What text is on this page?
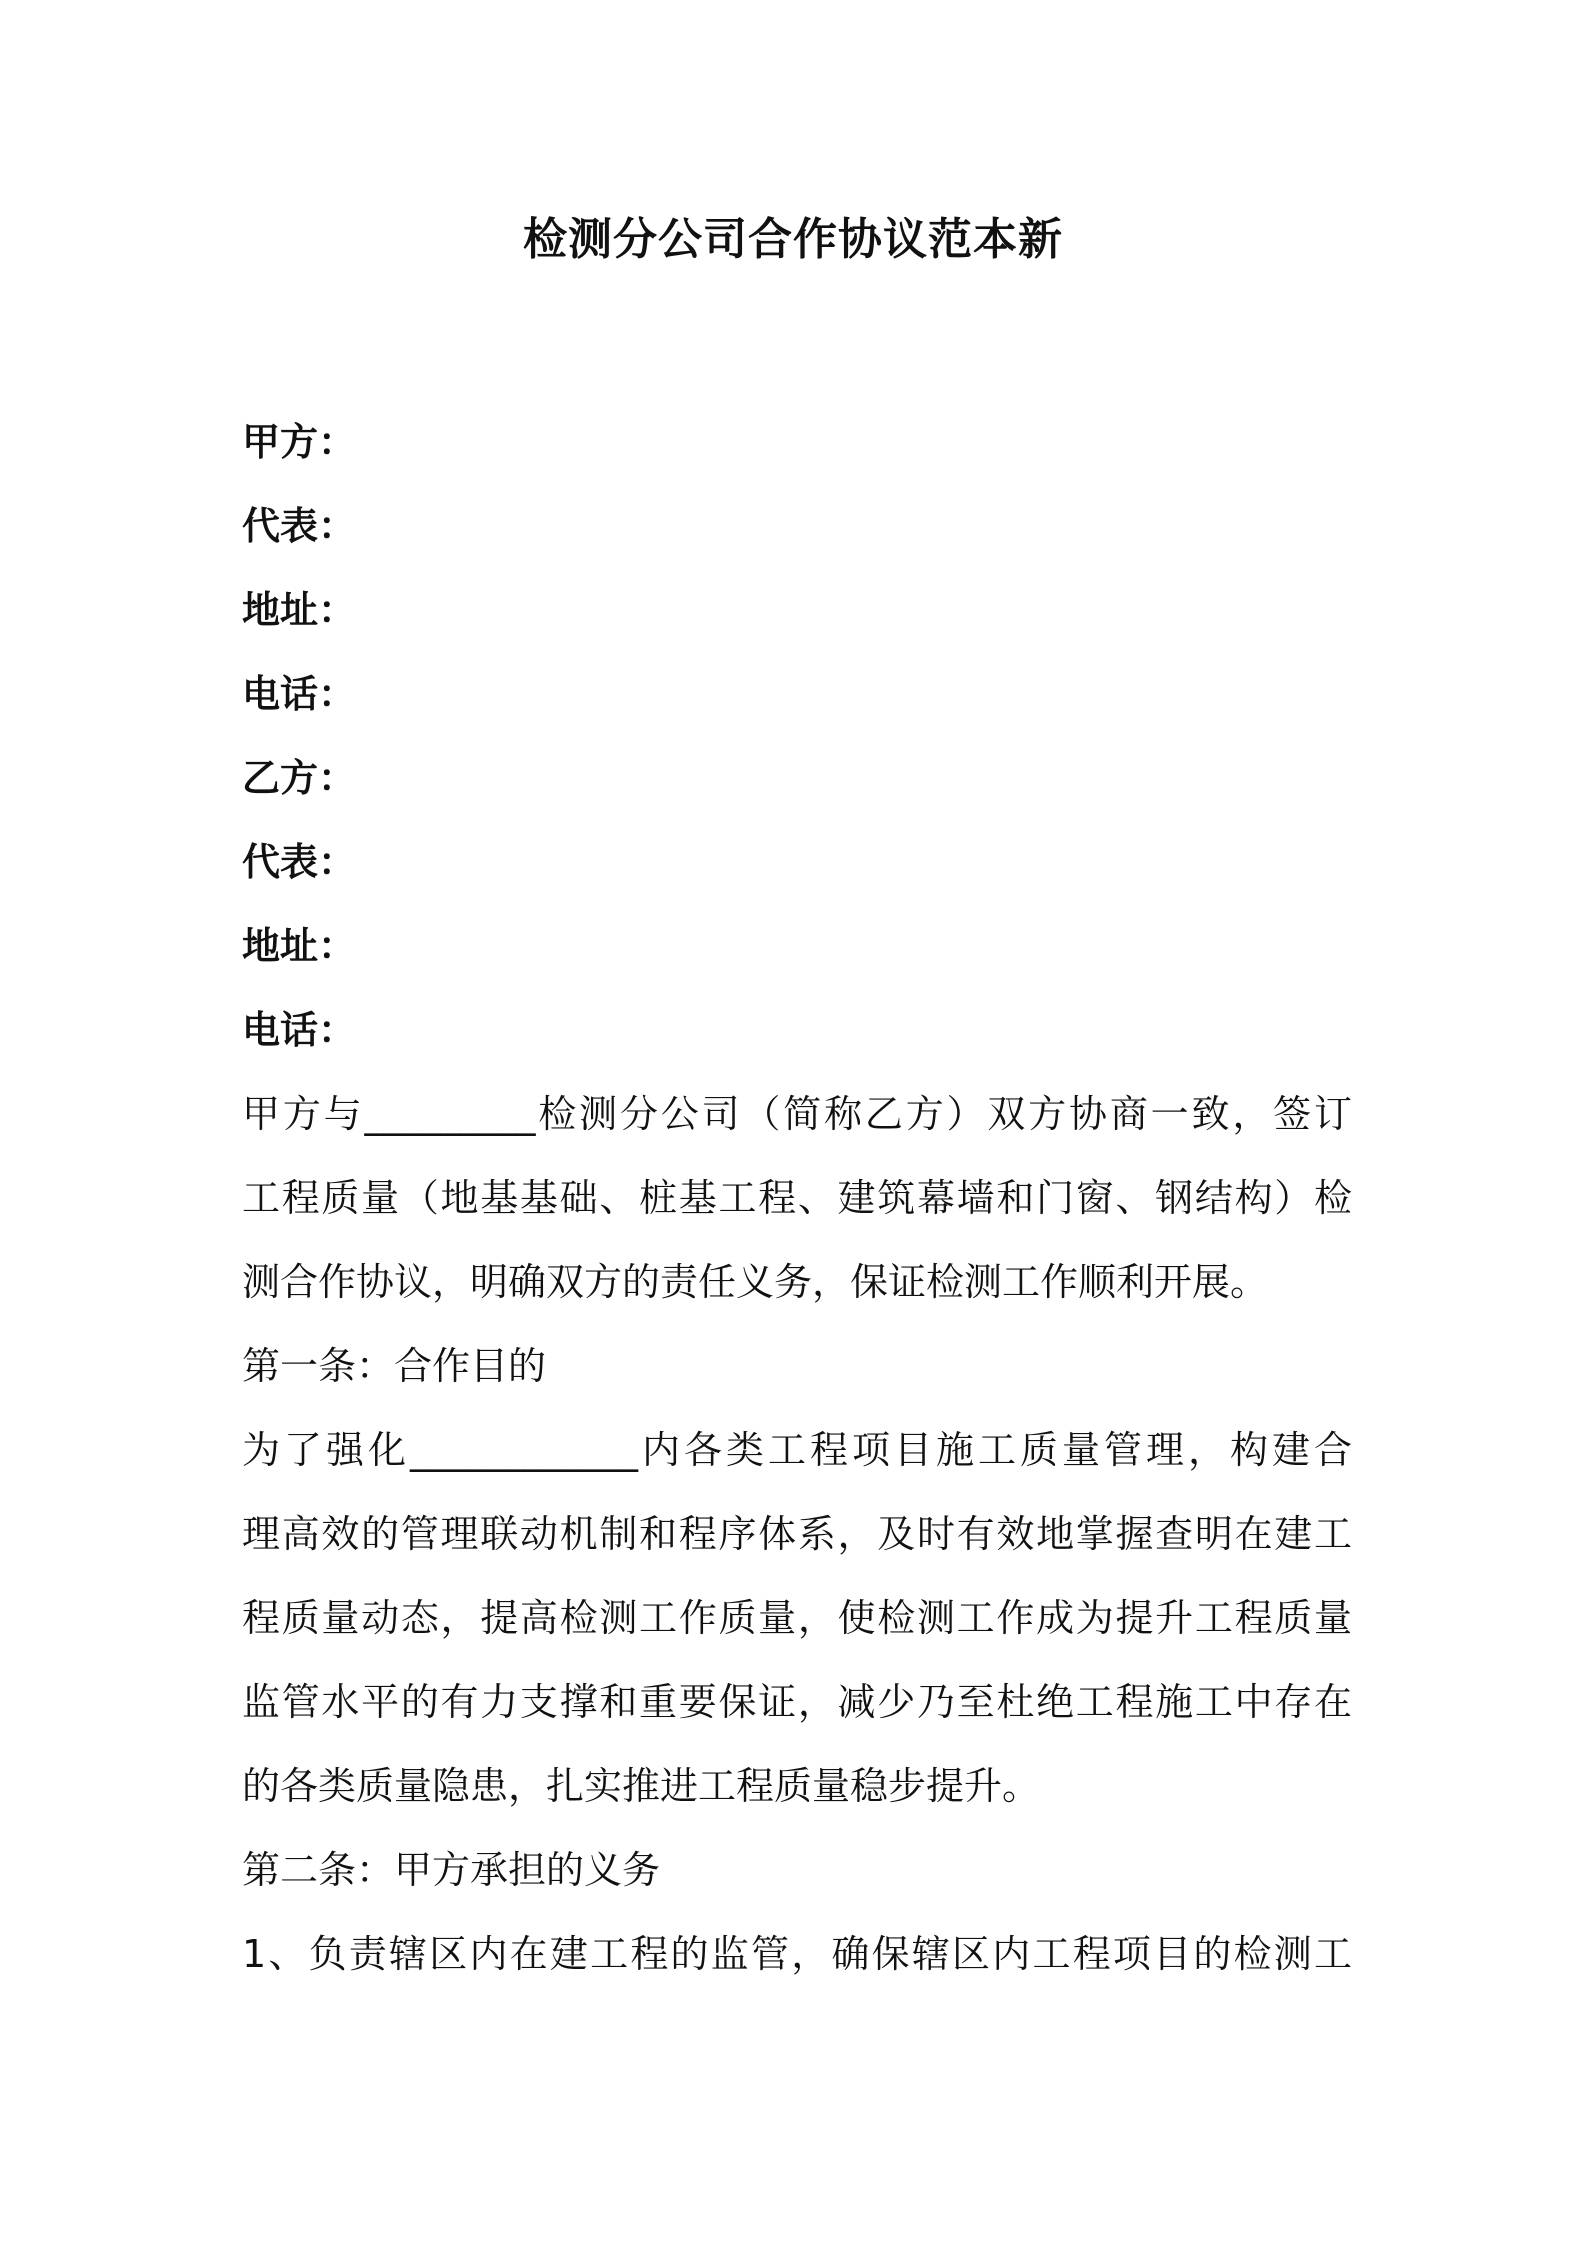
检测分公司合作协议范本新
甲方：
代表：
地址：
电话：
乙方：
代表：
地址：
电话：
甲方与_________检测分公司（简称乙方）双方协商一致，签订
工程质量（地基基础、桩基工程、建筑幕墙和门窗、钢结构）检
测合作协议，明确双方的责任义务，保证检测工作顺利开展。
第一条：合作目的
为了强化____________内各类工程项目施工质量管理，构建合
理高效的管理联动机制和程序体系，及时有效地掌握查明在建工
程质量动态，提高检测工作质量，使检测工作成为提升工程质量
监管水平的有力支撑和重要保证，减少乃至杜绝工程施工中存在
的各类质量隐患，扎实推进工程质量稳步提升。
第二条：甲方承担的义务
1、负责辖区内在建工程的监管，确保辖区内工程项目的检测工
